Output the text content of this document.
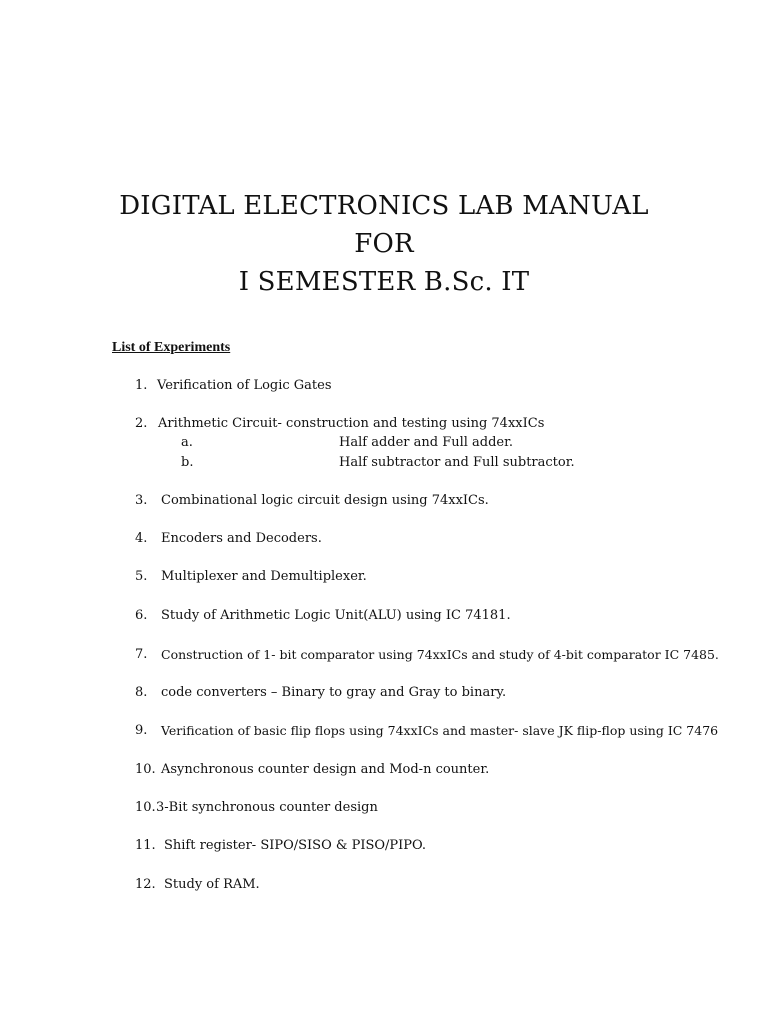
DIGITAL ELECTRONICS LAB MANUAL
FOR
I SEMESTER B.Sc. IT
List of Experiments
1. Verification of Logic Gates
2. Arithmetic Circuit- construction and testing using 74xxICs
a.	Half adder and Full adder.
b.	Half subtractor and Full subtractor.
3. Combinational logic circuit design using 74xxICs.
4. Encoders and Decoders.
5. Multiplexer and Demultiplexer.
6. Study of Arithmetic Logic Unit(ALU) using IC 74181.
7. Construction of 1- bit comparator using 74xxICs and study of 4-bit comparator IC 7485.
8. code converters – Binary to gray and Gray to binary.
9. Verification of basic flip flops using 74xxICs and master- slave JK flip-flop using IC 7476
10. Asynchronous counter design and Mod-n counter.
10. 3-Bit synchronous counter design
11. Shift register- SIPO/SISO & PISO/PIPO.
12. Study of RAM.
